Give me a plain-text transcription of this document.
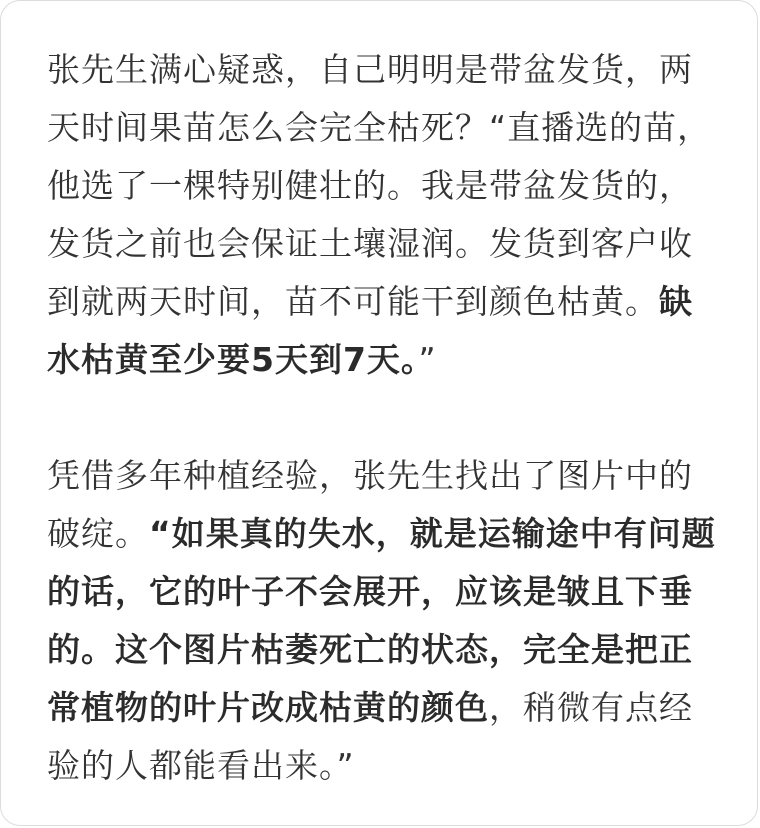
张先生满心疑惑，自己明明是带盆发货，两天时间果苗怎么会完全枯死？“直播选的苗，他选了一棵特别健壮的。我是带盆发货的，发货之前也会保证土壤湿润。发货到客户收到就两天时间，苗不可能干到颜色枯黄。缺水枯黄至少要5天到7天。”

凭借多年种植经验，张先生找出了图片中的破绽。“如果真的失水，就是运输途中有问题的话，它的叶子不会展开，应该是皱且下垂的。这个图片枯萎死亡的状态，完全是把正常植物的叶片改成枯黄的颜色，稍微有点经验的人都能看出来。”
